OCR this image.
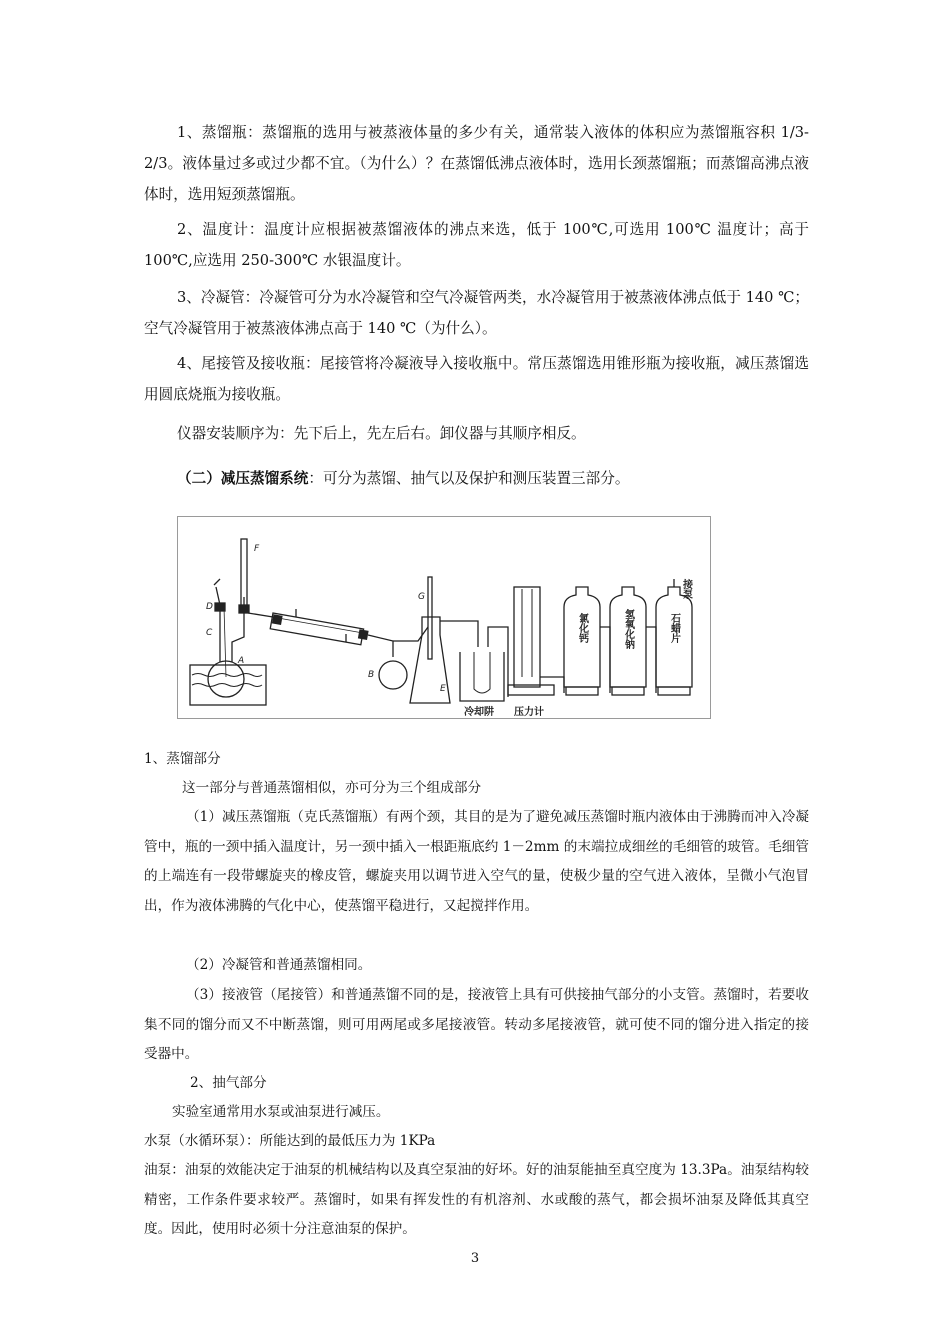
1、蒸馏瓶：蒸馏瓶的选用与被蒸液体量的多少有关，通常装入液体的体积应为蒸馏瓶容积 1/3-2/3。液体量过多或过少都不宜。（为什么）？在蒸馏低沸点液体时，选用长颈蒸馏瓶；而蒸馏高沸点液体时，选用短颈蒸馏瓶。
2、温度计：温度计应根据被蒸馏液体的沸点来选，低于 100℃,可选用 100℃ 温度计；高于 100℃,应选用 250-300℃ 水银温度计。
3、冷凝管：冷凝管可分为水冷凝管和空气冷凝管两类，水冷凝管用于被蒸液体沸点低于 140 ℃；空气冷凝管用于被蒸液体沸点高于 140 ℃（为什么）。
4、尾接管及接收瓶：尾接管将冷凝液导入接收瓶中。常压蒸馏选用锥形瓶为接收瓶，减压蒸馏选用圆底烧瓶为接收瓶。
仪器安装顺序为：先下后上，先左后右。卸仪器与其顺序相反。
（二）减压蒸馏系统：可分为蒸馏、抽气以及保护和测压装置三部分。
F
D
C
A
B
G
E
冷却阱 压力计
接泵
氯化钙	氢氧化钠	石蜡片
1、蒸馏部分
这一部分与普通蒸馏相似，亦可分为三个组成部分
（1）减压蒸馏瓶（克氏蒸馏瓶）有两个颈，其目的是为了避免减压蒸馏时瓶内液体由于沸腾而冲入冷凝管中，瓶的一颈中插入温度计，另一颈中插入一根距瓶底约 1－2mm 的末端拉成细丝的毛细管的玻管。毛细管的上端连有一段带螺旋夹的橡皮管，螺旋夹用以调节进入空气的量，使极少量的空气进入液体，呈微小气泡冒出，作为液体沸腾的气化中心，使蒸馏平稳进行，又起搅拌作用。
（2）冷凝管和普通蒸馏相同。
（3）接液管（尾接管）和普通蒸馏不同的是，接液管上具有可供接抽气部分的小支管。蒸馏时，若要收集不同的馏分而又不中断蒸馏，则可用两尾或多尾接液管。转动多尾接液管，就可使不同的馏分进入指定的接受器中。
2、抽气部分
实验室通常用水泵或油泵进行减压。
水泵（水循环泵）：所能达到的最低压力为 1KPa
油泵：油泵的效能决定于油泵的机械结构以及真空泵油的好坏。好的油泵能抽至真空度为 13.3Pa。油泵结构较精密，工作条件要求较严。蒸馏时，如果有挥发性的有机溶剂、水或酸的蒸气，都会损坏油泵及降低其真空度。因此，使用时必须十分注意油泵的保护。
3
